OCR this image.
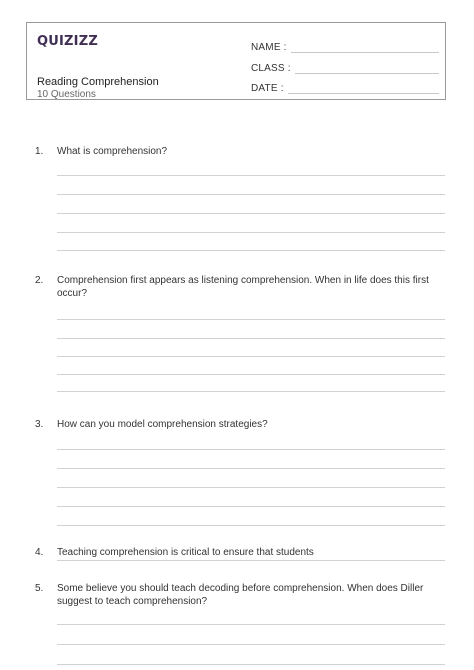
QUIZIZZ
Reading Comprehension
10 Questions
NAME :
CLASS :
DATE :
1. What is comprehension?
2. Comprehension first appears as listening comprehension. When in life does this first occur?
3. How can you model comprehension strategies?
4. Teaching comprehension is critical to ensure that students
5. Some believe you should teach decoding before comprehension. When does Diller suggest to teach comprehension?
